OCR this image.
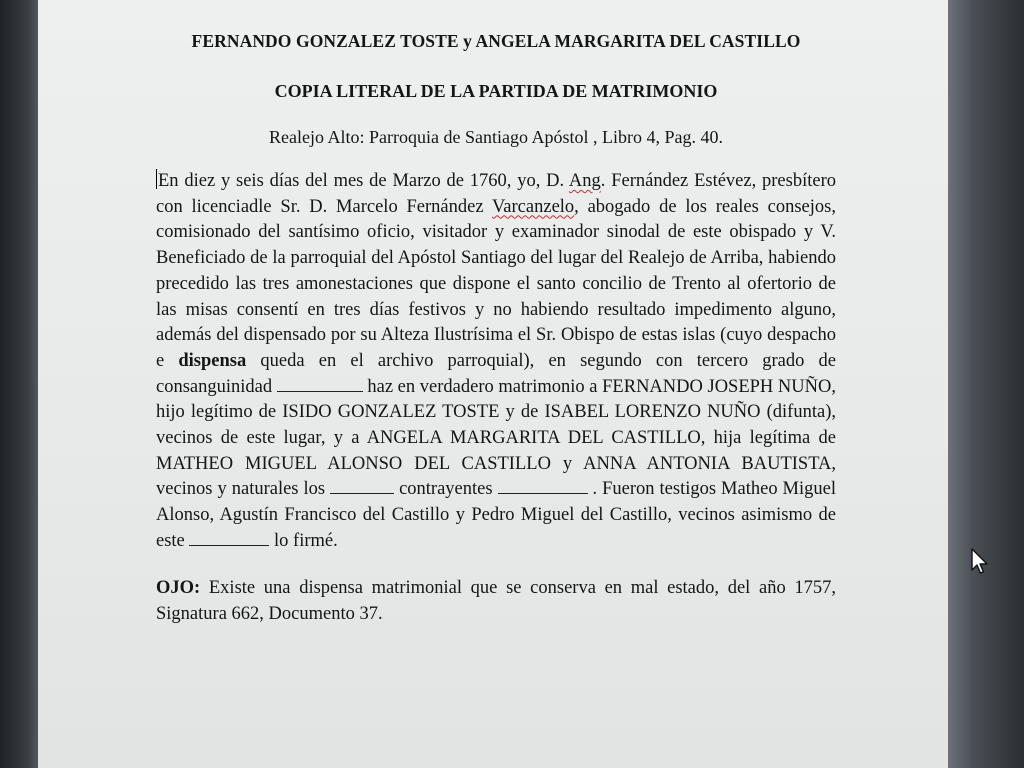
FERNANDO GONZALEZ TOSTE y ANGELA MARGARITA DEL CASTILLO
COPIA LITERAL DE LA PARTIDA DE MATRIMONIO
Realejo Alto: Parroquia de Santiago Apóstol , Libro 4, Pag. 40.
En diez y seis días del mes de Marzo de 1760, yo, D. Ang. Fernández Estévez, presbítero con licenciadle Sr. D. Marcelo Fernández Varcanzelo, abogado de los reales consejos, comisionado del santísimo oficio, visitador y examinador sinodal de este obispado y V. Beneficiado de la parroquial del Apóstol Santiago del lugar del Realejo de Arriba, habiendo precedido las tres amonestaciones que dispone el santo concilio de Trento al ofertorio de las misas consentí en tres días festivos y no habiendo resultado impedimento alguno, además del dispensado por su Alteza Ilustrísima el Sr. Obispo de estas islas (cuyo despacho e dispensa queda en el archivo parroquial), en segundo con tercero grado de consanguinidad	haz en verdadero matrimonio a FERNANDO JOSEPH NUÑO, hijo legítimo de ISIDO GONZALEZ TOSTE y de ISABEL LORENZO NUÑO (difunta), vecinos de este lugar, y a ANGELA MARGARITA DEL CASTILLO, hija legítima de MATHEO MIGUEL ALONSO DEL CASTILLO y ANNA ANTONIA BAUTISTA, vecinos y naturales los	contrayentes	. Fueron testigos Matheo Miguel Alonso, Agustín Francisco del Castillo y Pedro Miguel del Castillo, vecinos asimismo de este	lo firmé.
OJO: Existe una dispensa matrimonial que se conserva en mal estado, del año 1757, Signatura 662, Documento 37.
